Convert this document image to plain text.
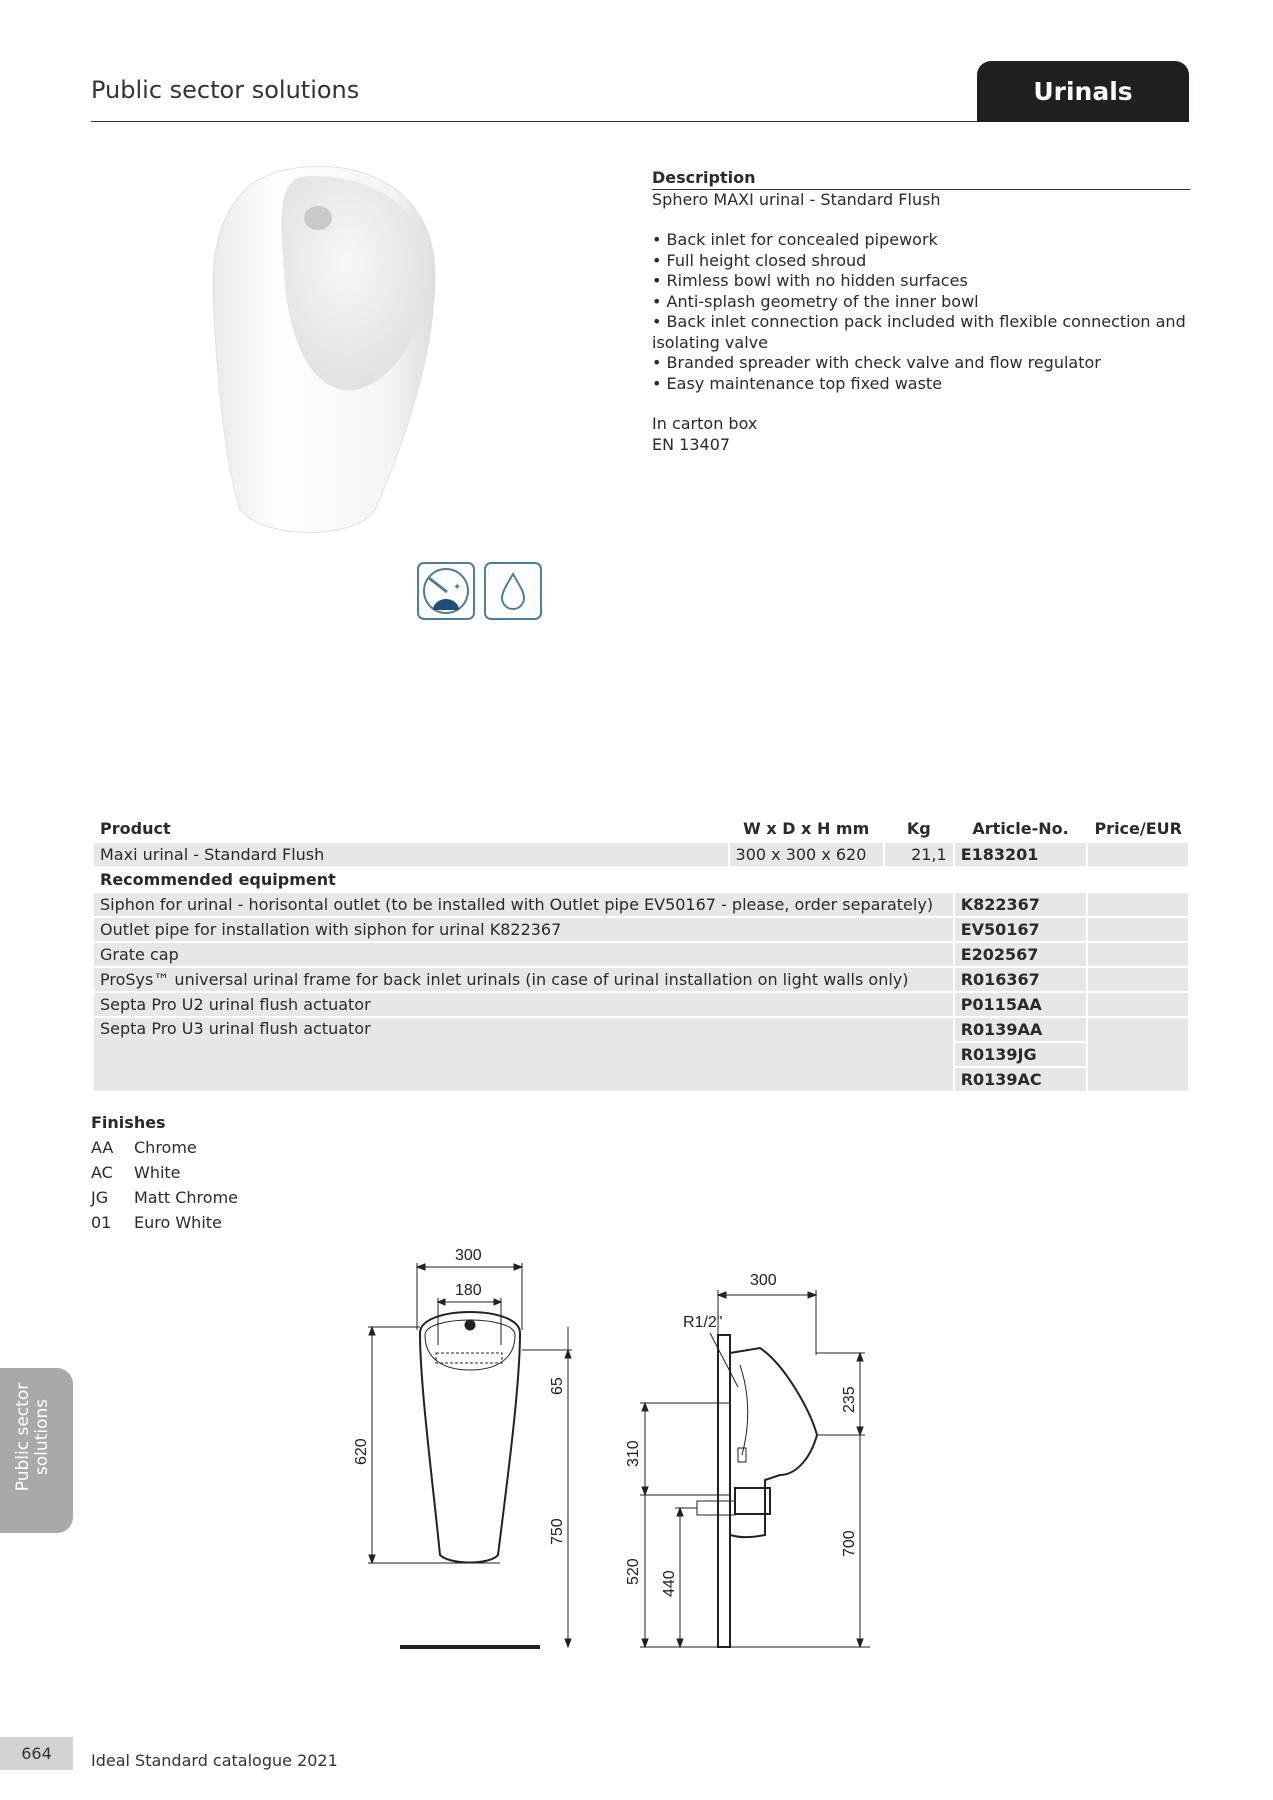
Public sector solutions	Urinals
✦

Description
Sphero MAXI urinal - Standard Flush
• Back inlet for concealed pipework
• Full height closed shroud
• Rimless bowl with no hidden surfaces
• Anti-splash geometry of the inner bowl
• Back inlet connection pack included with flexible connection and isolating valve
• Branded spreader with check valve and flow regulator
• Easy maintenance top fixed waste
In carton box
EN 13407
Product	W x D x H mm	Kg	Article-No.	Price/EUR
Maxi urinal - Standard Flush	300 x 300 x 620	21,1	E183201	
Recommended equipment				
Siphon for urinal - horisontal outlet (to be installed with Outlet pipe EV50167 - please, order separately)			K822367	
Outlet pipe for installation with siphon for urinal K822367			EV50167	
Grate cap			E202567	
ProSys™ universal urinal frame for back inlet urinals (in case of urinal installation on light walls only)			R016367	
Septa Pro U2 urinal flush actuator			P0115AA	
Septa Pro U3 urinal flush actuator			R0139AA	
			R0139JG	
			R0139AC	
Finishes
AA Chrome
AC White
JG Matt Chrome
01 Euro White
300
180
620
65
750
300
R1/2"
310
520 440
235
700
Public sector solutions
664	Ideal Standard catalogue 2021
